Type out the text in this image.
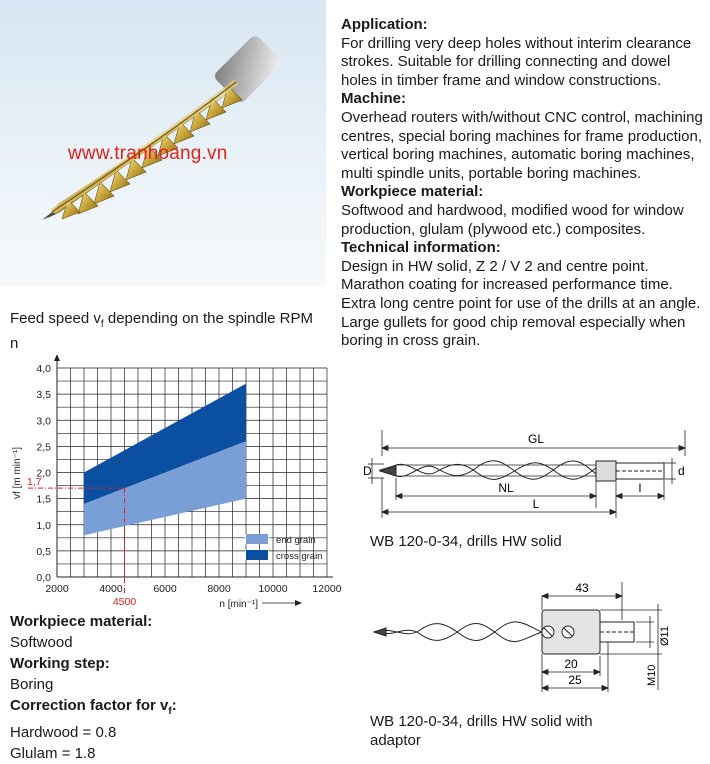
www.tranhoang.vn
Application:
For drilling very deep holes without interim clearance strokes. Suitable for drilling connecting and dowel holes in timber frame and window constructions.
Machine:
Overhead routers with/without CNC control, machining centres, special boring machines for frame production, vertical boring machines, automatic boring machines, multi spindle units, portable boring machines.
Workpiece material:
Softwood and hardwood, modified wood for window production, glulam (plywood etc.) composites.
Technical information:
Design in HW solid, Z 2 / V 2 and centre point. Marathon coating for increased performance time. Extra long centre point for use of the drills at an angle. Large gullets for good chip removal especially when boring in cross grain.
Feed speed $v_f$ depending on the spindle RPM n
0,0
0,5
1,0
1,5
2,0
2,5
3,0
3,5
4,0
2000	4000	6000	8000	10000 12000
vf [m min⁻¹]
n [min⁻¹]
end grain
cross grain
4500
1,7
Workpiece material:
Softwood
Working step:
Boring
Correction factor for $v_f$:
Hardwood = 0.8
Glulam = 1.8
GL
D	d
NL
L
l
WB 120-0-34, drills HW solid
43
20
25
Ø11
M10
WB 120-0-34, drills HW solid with
adaptor
